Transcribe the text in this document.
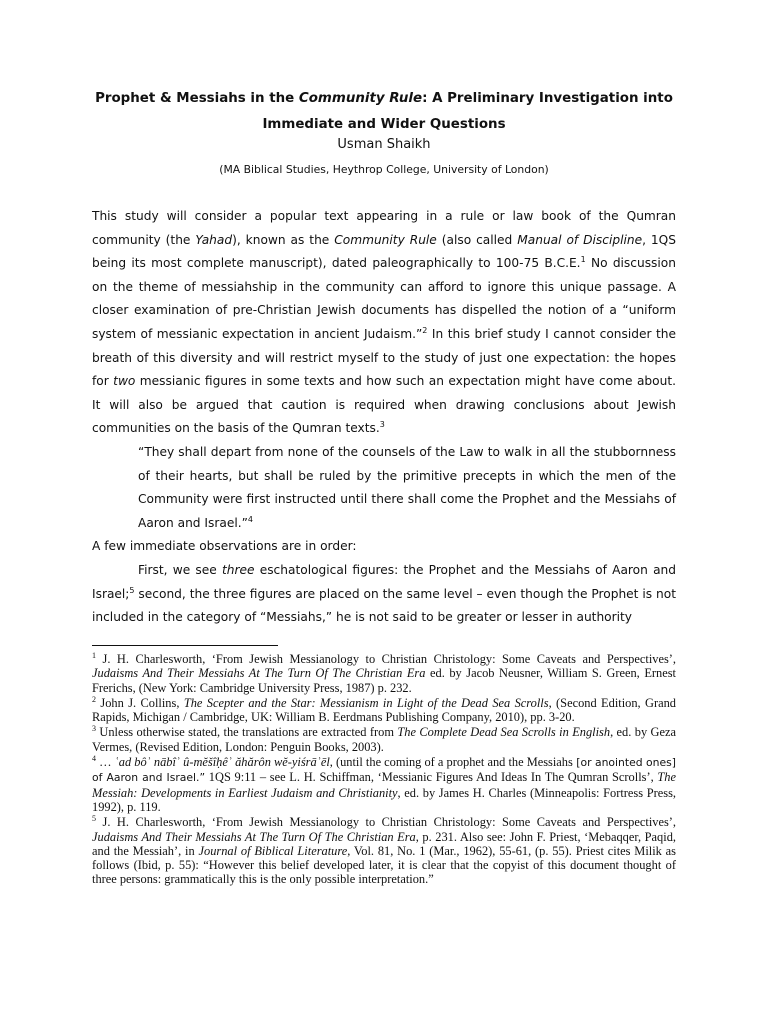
Prophet & Messiahs in the Community Rule: A Preliminary Investigation into Immediate and Wider Questions
Usman Shaikh
(MA Biblical Studies, Heythrop College, University of London)

This study will consider a popular text appearing in a rule or law book of the Qumran community (the Yahad), known as the Community Rule (also called Manual of Discipline, 1QS being its most complete manuscript), dated paleographically to 100-75 B.C.E.$^1$ No discussion on the theme of messiahship in the community can afford to ignore this unique passage. A closer examination of pre-Christian Jewish documents has dispelled the notion of a “uniform system of messianic expectation in ancient Judaism.”$^2$ In this brief study I cannot consider the breath of this diversity and will restrict myself to the study of just one expectation: the hopes for two messianic figures in some texts and how such an expectation might have come about. It will also be argued that caution is required when drawing conclusions about Jewish communities on the basis of the Qumran texts.$^3$

“They shall depart from none of the counsels of the Law to walk in all the stubbornness of their hearts, but shall be ruled by the primitive precepts in which the men of the Community were first instructed until there shall come the Prophet and the Messiahs of Aaron and Israel.”$^4$

A few immediate observations are in order:

First, we see three eschatological figures: the Prophet and the Messiahs of Aaron and Israel;$^5$ second, the three figures are placed on the same level – even though the Prophet is not included in the category of “Messiahs,” he is not said to be greater or lesser in authority

$^1$ J. H. Charlesworth, ‘From Jewish Messianology to Christian Christology: Some Caveats and Perspectives’, Judaisms And Their Messiahs At The Turn Of The Christian Era ed. by Jacob Neusner, William S. Green, Ernest Frerichs, (New York: Cambridge University Press, 1987) p. 232.

$^2$ John J. Collins, The Scepter and the Star: Messianism in Light of the Dead Sea Scrolls, (Second Edition, Grand Rapids, Michigan / Cambridge, UK: William B. Eerdmans Publishing Company, 2010), pp. 3-20.

$^3$ Unless otherwise stated, the translations are extracted from The Complete Dead Sea Scrolls in English, ed. by Geza Vermes, (Revised Edition, London: Penguin Books, 2003).

$^4$ … ʿad bôʾ nābîʾ û-mĕšîḥêʾ ăhărôn wĕ-yiśrāʾēl, (until the coming of a prophet and the Messiahs [or anointed ones] of Aaron and Israel.” 1QS 9:11 – see L. H. Schiffman, ‘Messianic Figures And Ideas In The Qumran Scrolls’, The Messiah: Developments in Earliest Judaism and Christianity, ed. by James H. Charles (Minneapolis: Fortress Press, 1992), p. 119.

$^5$ J. H. Charlesworth, ‘From Jewish Messianology to Christian Christology: Some Caveats and Perspectives’, Judaisms And Their Messiahs At The Turn Of The Christian Era, p. 231. Also see: John F. Priest, ‘Mebaqqer, Paqid, and the Messiah’, in Journal of Biblical Literature, Vol. 81, No. 1 (Mar., 1962), 55-61, (p. 55). Priest cites Milik as follows (Ibid, p. 55): “However this belief developed later, it is clear that the copyist of this document thought of three persons: grammatically this is the only possible interpretation.”
